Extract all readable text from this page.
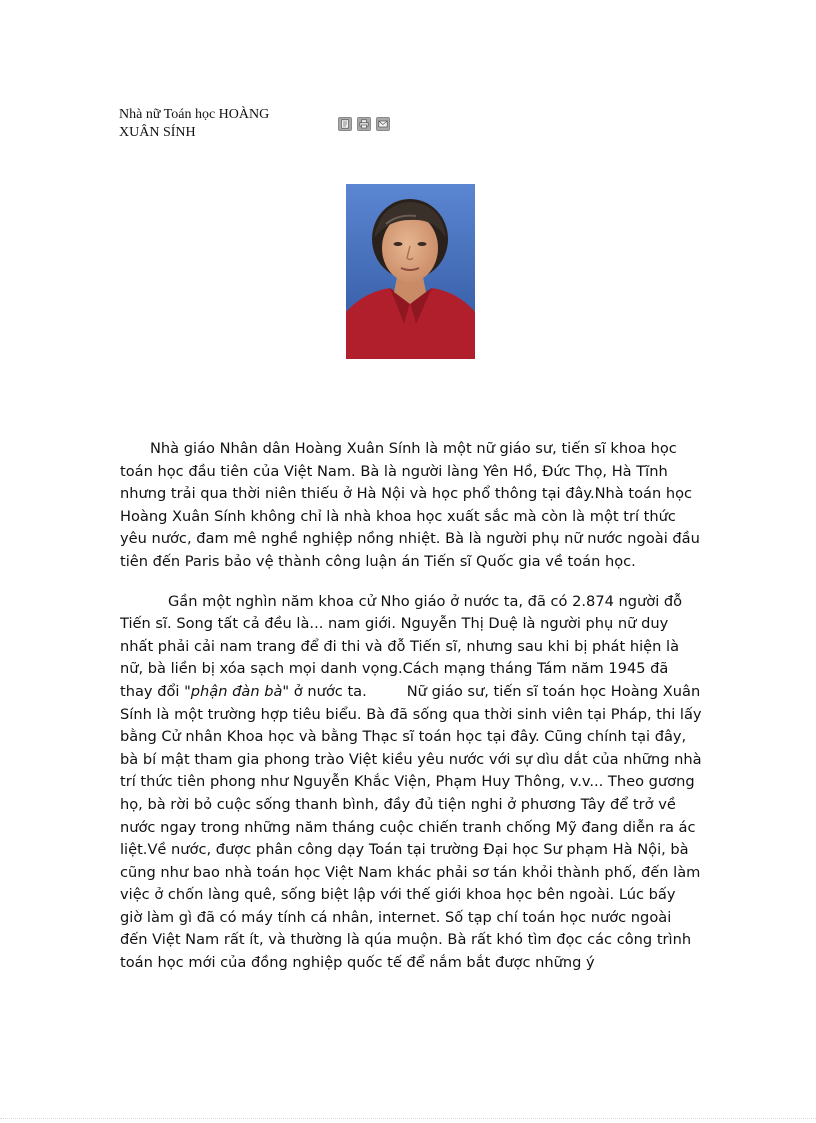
Nhà nữ Toán học HOÀNG
XUÂN SÍNH

Nhà giáo Nhân dân Hoàng Xuân Sính là một nữ giáo sư, tiến sĩ khoa học toán học đầu tiên của Việt Nam. Bà là người làng Yên Hồ, Đức Thọ, Hà Tĩnh nhưng trải qua thời niên thiếu ở Hà Nội và học phổ thông tại đây.Nhà toán học Hoàng Xuân Sính không chỉ là nhà khoa học xuất sắc mà còn là một trí thức yêu nước, đam mê nghề nghiệp nồng nhiệt. Bà là người phụ nữ nước ngoài đầu tiên đến Paris bảo vệ thành công luận án Tiến sĩ Quốc gia về toán học.

Gần một nghìn năm khoa cử Nho giáo ở nước ta, đã có 2.874 người đỗ Tiến sĩ. Song tất cả đều là... nam giới. Nguyễn Thị Duệ là người phụ nữ duy nhất phải cải nam trang để đi thi và đỗ Tiến sĩ, nhưng sau khi bị phát hiện là nữ, bà liền bị xóa sạch mọi danh vọng.Cách mạng tháng Tám năm 1945 đã thay đổi "phận đàn bà" ở nước ta.	Nữ giáo sư, tiến sĩ toán học Hoàng Xuân Sính là một trường hợp tiêu biểu. Bà đã sống qua thời sinh viên tại Pháp, thi lấy bằng Cử nhân Khoa học và bằng Thạc sĩ toán học tại đây. Cũng chính tại đây, bà bí mật tham gia phong trào Việt kiều yêu nước với sự dìu dắt của những nhà trí thức tiên phong như Nguyễn Khắc Viện, Phạm Huy Thông, v.v... Theo gương họ, bà rời bỏ cuộc sống thanh bình, đầy đủ tiện nghi ở phương Tây để trở về nước ngay trong những năm tháng cuộc chiến tranh chống Mỹ đang diễn ra ác liệt.Về nước, được phân công dạy Toán tại trường Đại học Sư phạm Hà Nội, bà cũng như bao nhà toán học Việt Nam khác phải sơ tán khỏi thành phố, đến làm việc ở chốn làng quê, sống biệt lập với thế giới khoa học bên ngoài. Lúc bấy giờ làm gì đã có máy tính cá nhân, internet. Số tạp chí toán học nước ngoài đến Việt Nam rất ít, và thường là qúa muộn. Bà rất khó tìm đọc các công trình toán học mới của đồng nghiệp quốc tế để nắm bắt được những ý
